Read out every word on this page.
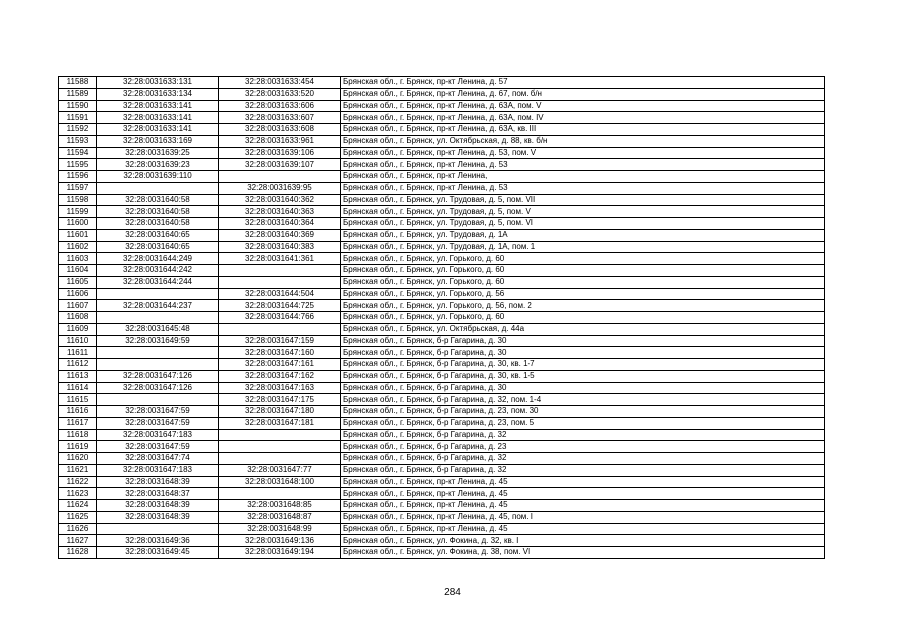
11588	32:28:0031633:131	32:28:0031633:454	Брянская обл., г. Брянск, пр-кт Ленина, д. 57
11589	32:28:0031633:134	32:28:0031633:520	Брянская обл., г. Брянск, пр-кт Ленина, д. 67, пом. б/н
11590	32:28:0031633:141	32:28:0031633:606	Брянская обл., г. Брянск, пр-кт Ленина, д. 63А, пом. V
11591	32:28:0031633:141	32:28:0031633:607	Брянская обл., г. Брянск, пр-кт Ленина, д. 63А, пом. IV
11592	32:28:0031633:141	32:28:0031633:608	Брянская обл., г. Брянск, пр-кт Ленина, д. 63А, кв. III
11593	32:28:0031633:169	32:28:0031633:961	Брянская обл., г. Брянск, ул. Октябрьская, д. 88, кв. б/н
11594	32:28:0031639:25	32:28:0031639:106	Брянская обл., г. Брянск, пр-кт Ленина, д. 53, пом. V
11595	32:28:0031639:23	32:28:0031639:107	Брянская обл., г. Брянск, пр-кт Ленина, д. 53
11596	32:28:0031639:110		Брянская обл., г. Брянск, пр-кт Ленина,
11597		32:28:0031639:95	Брянская обл., г. Брянск, пр-кт Ленина, д. 53
11598	32:28:0031640:58	32:28:0031640:362	Брянская обл., г. Брянск, ул. Трудовая, д. 5, пом. VII
11599	32:28:0031640:58	32:28:0031640:363	Брянская обл., г. Брянск, ул. Трудовая, д. 5, пом. V
11600	32:28:0031640:58	32:28:0031640:364	Брянская обл., г. Брянск, ул. Трудовая, д. 5, пом. VI
11601	32:28:0031640:65	32:28:0031640:369	Брянская обл., г. Брянск, ул. Трудовая, д. 1А
11602	32:28:0031640:65	32:28:0031640:383	Брянская обл., г. Брянск, ул. Трудовая, д. 1А, пом. 1
11603	32:28:0031644:249	32:28:0031641:361	Брянская обл., г. Брянск, ул. Горького, д. 60
11604	32:28:0031644:242		Брянская обл., г. Брянск, ул. Горького, д. 60
11605	32:28:0031644:244		Брянская обл., г. Брянск, ул. Горького, д. 60
11606		32:28:0031644:504	Брянская обл., г. Брянск, ул. Горького, д. 56
11607	32:28:0031644:237	32:28:0031644:725	Брянская обл., г. Брянск, ул. Горького, д. 56, пом. 2
11608		32:28:0031644:766	Брянская обл., г. Брянск, ул. Горького, д. 60
11609	32:28:0031645:48		Брянская обл., г. Брянск, ул. Октябрьская, д. 44а
11610	32:28:0031649:59	32:28:0031647:159	Брянская обл., г. Брянск, б-р Гагарина, д. 30
11611		32:28:0031647:160	Брянская обл., г. Брянск, б-р Гагарина, д. 30
11612		32:28:0031647:161	Брянская обл., г. Брянск, б-р Гагарина, д. 30, кв. 1-7
11613	32:28:0031647:126	32:28:0031647:162	Брянская обл., г. Брянск, б-р Гагарина, д. 30, кв. 1-5
11614	32:28:0031647:126	32:28:0031647:163	Брянская обл., г. Брянск, б-р Гагарина, д. 30
11615		32:28:0031647:175	Брянская обл., г. Брянск, б-р Гагарина, д. 32, пом. 1-4
11616	32:28:0031647:59	32:28:0031647:180	Брянская обл., г. Брянск, б-р Гагарина, д. 23, пом. 30
11617	32:28:0031647:59	32:28:0031647:181	Брянская обл., г. Брянск, б-р Гагарина, д. 23, пом. 5
11618	32:28:0031647:183		Брянская обл., г. Брянск, б-р Гагарина, д. 32
11619	32:28:0031647:59		Брянская обл., г. Брянск, б-р Гагарина, д. 23
11620	32:28:0031647:74		Брянская обл., г. Брянск, б-р Гагарина, д. 32
11621	32:28:0031647:183	32:28:0031647:77	Брянская обл., г. Брянск, б-р Гагарина, д. 32
11622	32:28:0031648:39	32:28:0031648:100	Брянская обл., г. Брянск, пр-кт Ленина, д. 45
11623	32:28:0031648:37		Брянская обл., г. Брянск, пр-кт Ленина, д. 45
11624	32:28:0031648:39	32:28:0031648:85	Брянская обл., г. Брянск, пр-кт Ленина, д. 45
11625	32:28:0031648:39	32:28:0031648:87	Брянская обл., г. Брянск, пр-кт Ленина, д. 45, пом. I
11626		32:28:0031648:99	Брянская обл., г. Брянск, пр-кт Ленина, д. 45
11627	32:28:0031649:36	32:28:0031649:136	Брянская обл., г. Брянск, ул. Фокина, д. 32, кв. I
11628	32:28:0031649:45	32:28:0031649:194	Брянская обл., г. Брянск, ул. Фокина, д. 38, пом. VI
284
